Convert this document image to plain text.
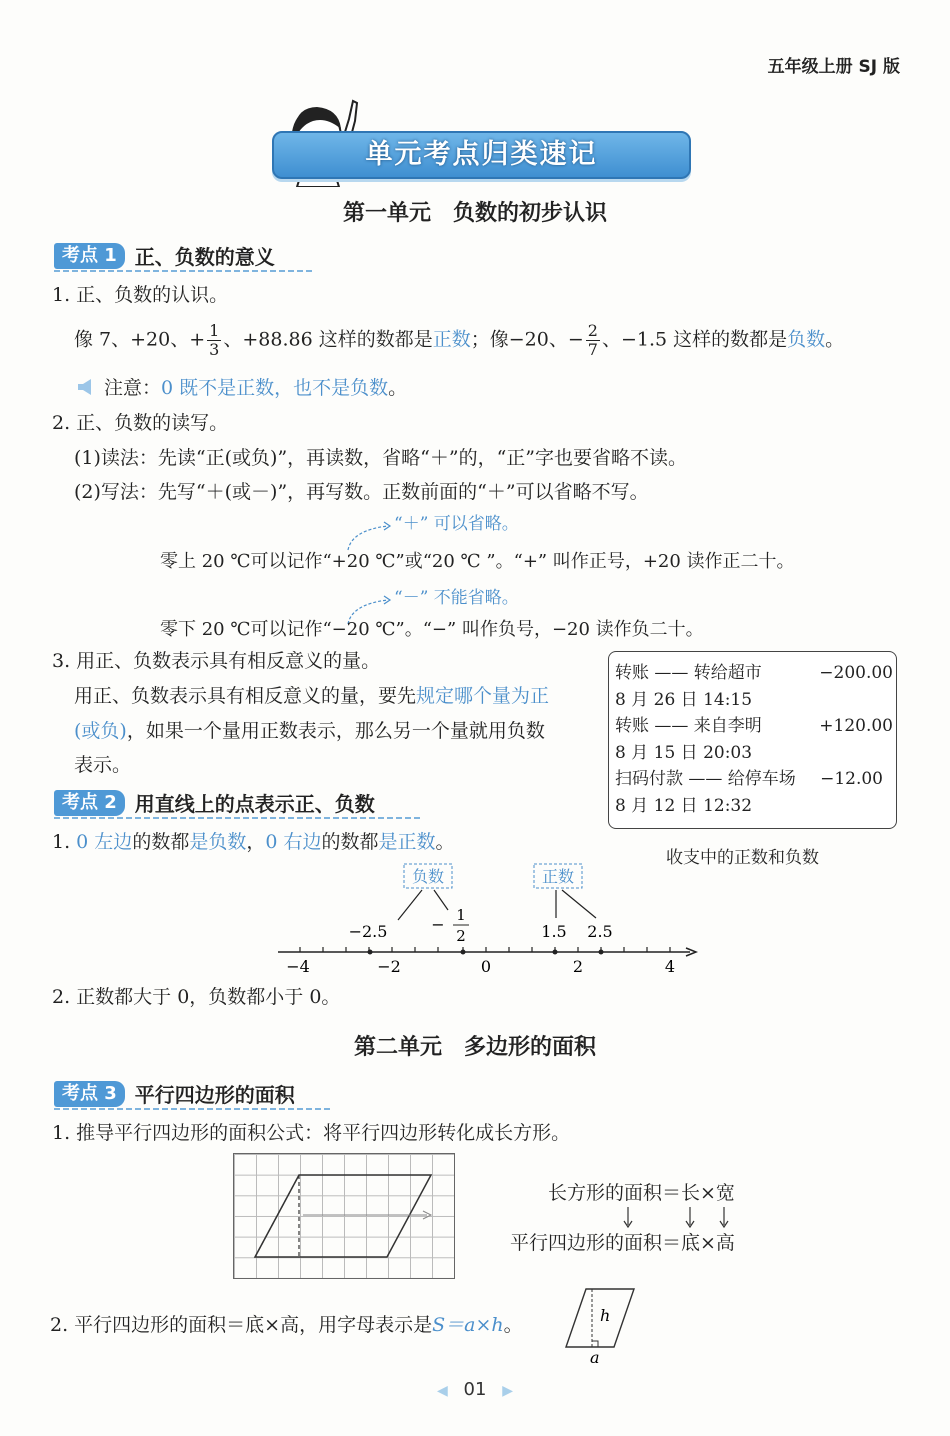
五年级上册 SJ 版
单元考点归类速记
第一单元　负数的初步认识
考点 1 正、负数的意义
1. 正、负数的认识。
像 7、+20、+ $\frac{1}{3}$ 、+88.86 这样的数都是正数；像−20、− $\frac{2}{7}$ 、−1.5 这样的数都是负数。
注意：0 既不是正数，也不是负数。
2. 正、负数的读写。
(1)读法：先读“正(或负)”，再读数，省略“＋”的，“正”字也要省略不读。
(2)写法：先写“＋(或－)”，再写数。正数前面的“＋”可以省略不写。
“＋” 可以省略。
零上 20 ℃可以记作“+20 ℃”或“20 ℃ ”。“+” 叫作正号，+20 读作正二十。
“－” 不能省略。
零下 20 ℃可以记作“−20 ℃”。“−” 叫作负号，−20 读作负二十。
3. 用正、负数表示具有相反意义的量。
用正、负数表示具有相反意义的量，要先规定哪个量为正
(或负)，如果一个量用正数表示，那么另一个量就用负数
表示。
转账 —— 转给超市	−200.00
8 月 26 日 14:15
转账 —— 来自李明	+120.00
8 月 15 日 20:03
扫码付款 —— 给停车场 −12.00
8 月 12 日 12:32
收支中的正数和负数
考点 2 用直线上的点表示正、负数
1. 0 左边的数都是负数，0 右边的数都是正数。
负数	正数
−2.5	− 1
2	1.5 2.5
−4	−2	0	2	4
2. 正数都大于 0，负数都小于 0。
第二单元　多边形的面积
考点 3 平行四边形的面积
1. 推导平行四边形的面积公式：将平行四边形转化成长方形。
长方形的面积＝长×宽
平行四边形的面积＝底×高
2. 平行四边形的面积＝底×高，用字母表示是S＝a×h。	h
a
◀ 01 ▶
